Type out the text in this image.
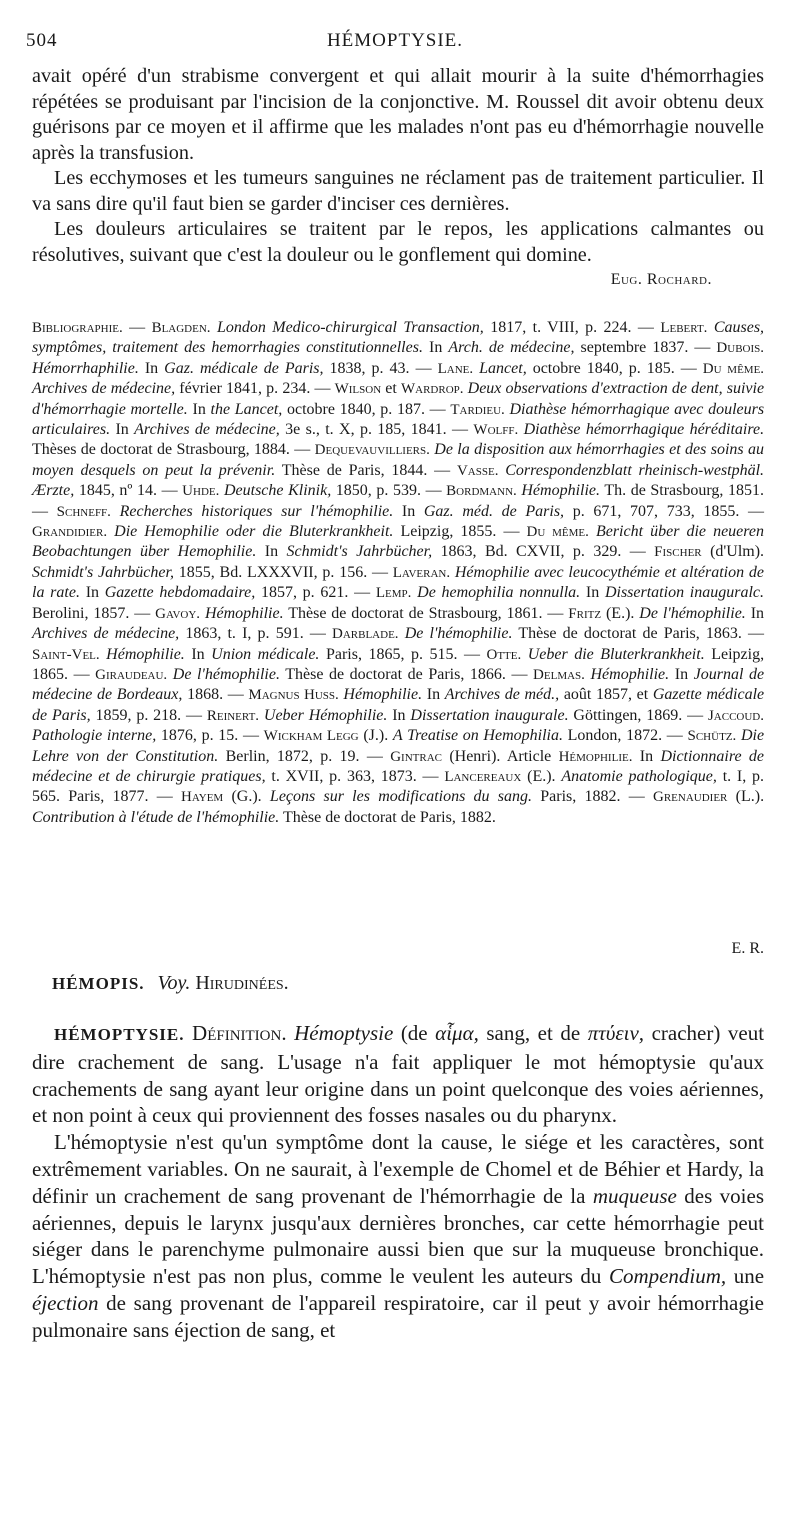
504	HÉMOPTYSIE.

avait opéré d'un strabisme convergent et qui allait mourir à la suite d'hémorrhagies répétées se produisant par l'incision de la conjonctive. M. Roussel dit avoir obtenu deux guérisons par ce moyen et il affirme que les malades n'ont pas eu d'hémorrhagie nouvelle après la transfusion.

Les ecchymoses et les tumeurs sanguines ne réclament pas de traitement particulier. Il va sans dire qu'il faut bien se garder d'inciser ces dernières.

Les douleurs articulaires se traitent par le repos, les applications calmantes ou résolutives, suivant que c'est la douleur ou le gonflement qui domine.

Eug. Rochard.

Bibliographie. — Blagden. London Medico-chirurgical Transaction, 1817, t. VIII, p. 224. — Lebert. Causes, symptômes, traitement des hemorrhagies constitutionnelles. In Arch. de médecine, septembre 1837. — Dubois. Hémorrhaphilie. In Gaz. médicale de Paris, 1838, p. 43. — Lane. Lancet, octobre 1840, p. 185. — Du même. Archives de médecine, février 1841, p. 234. — Wilson et Wardrop. Deux observations d'extraction de dent, suivie d'hémorrhagie mortelle. In the Lancet, octobre 1840, p. 187. — Tardieu. Diathèse hémorrhagique avec douleurs articulaires. In Archives de médecine, 3e s., t. X, p. 185, 1841. — Wolff. Diathèse hémorrhagique héréditaire. Thèses de doctorat de Strasbourg, 1884. — Dequevauvilliers. De la disposition aux hémorrhagies et des soins au moyen desquels on peut la prévenir. Thèse de Paris, 1844. — Vasse. Correspondenzblatt rheinisch-westphäl. Ærzte, 1845, nº 14. — Uhde. Deutsche Klinik, 1850, p. 539. — Bordmann. Hémophilie. Th. de Strasbourg, 1851. — Schneff. Recherches historiques sur l'hémophilie. In Gaz. méd. de Paris, p. 671, 707, 733, 1855. — Grandidier. Die Hemophilie oder die Bluterkrankheit. Leipzig, 1855. — Du même. Bericht über die neueren Beobachtungen über Hemophilie. In Schmidt's Jahrbücher, 1863, Bd. CXVII, p. 329. — Fischer (d'Ulm). Schmidt's Jahrbücher, 1855, Bd. LXXXVII, p. 156. — Laveran. Hémophilie avec leucocythémie et altération de la rate. In Gazette hebdomadaire, 1857, p. 621. — Lemp. De hemophilia nonnulla. In Dissertation inauguralc. Berolini, 1857. — Gavoy. Hémophilie. Thèse de doctorat de Strasbourg, 1861. — Fritz (E.). De l'hémophilie. In Archives de médecine, 1863, t. I, p. 591. — Darblade. De l'hémophilie. Thèse de doctorat de Paris, 1863. — Saint-Vel. Hémophilie. In Union médicale. Paris, 1865, p. 515. — Otte. Ueber die Bluterkrankheit. Leipzig, 1865. — Giraudeau. De l'hémophilie. Thèse de doctorat de Paris, 1866. — Delmas. Hémophilie. In Journal de médecine de Bordeaux, 1868. — Magnus Huss. Hémophilie. In Archives de méd., août 1857, et Gazette médicale de Paris, 1859, p. 218. — Reinert. Ueber Hémophilie. In Dissertation inaugurale. Göttingen, 1869. — Jaccoud. Pathologie interne, 1876, p. 15. — Wickham Legg (J.). A Treatise on Hemophilia. London, 1872. — Schütz. Die Lehre von der Constitution. Berlin, 1872, p. 19. — Gintrac (Henri). Article Hémophilie. In Dictionnaire de médecine et de chirurgie pratiques, t. XVII, p. 363, 1873. — Lancereaux (E.). Anatomie pathologique, t. I, p. 565. Paris, 1877. — Hayem (G.). Leçons sur les modifications du sang. Paris, 1882. — Grenaudier (L.). Contribution à l'étude de l'hémophilie. Thèse de doctorat de Paris, 1882.

E. R.
HÉMOPIS. Voy. Hirudinées.

HÉMOPTYSIE. Définition. Hémoptysie (de αἷμα, sang, et de πτύειν, cracher) veut dire crachement de sang. L'usage n'a fait appliquer le mot hémoptysie qu'aux crachements de sang ayant leur origine dans un point quelconque des voies aériennes, et non point à ceux qui proviennent des fosses nasales ou du pharynx.

L'hémoptysie n'est qu'un symptôme dont la cause, le siége et les caractères, sont extrêmement variables. On ne saurait, à l'exemple de Chomel et de Béhier et Hardy, la définir un crachement de sang provenant de l'hémorrhagie de la muqueuse des voies aériennes, depuis le larynx jusqu'aux dernières bronches, car cette hémorrhagie peut siéger dans le parenchyme pulmonaire aussi bien que sur la muqueuse bronchique. L'hémoptysie n'est pas non plus, comme le veulent les auteurs du Compendium, une éjection de sang provenant de l'appareil respiratoire, car il peut y avoir hémorrhagie pulmonaire sans éjection de sang, et
